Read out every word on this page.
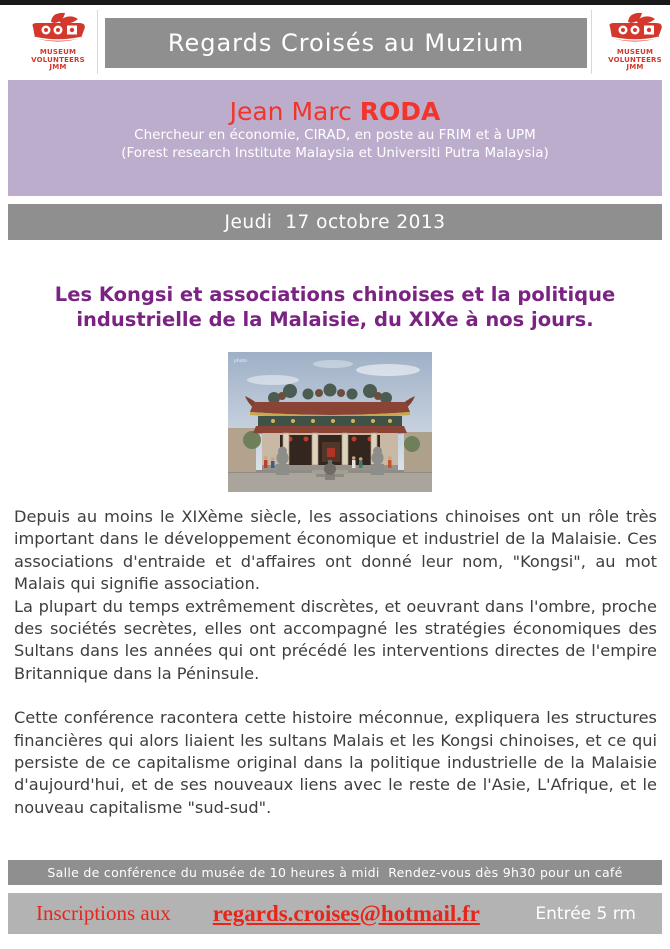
MUSEUM
VOLUNTEERS
JMM
Regards Croisés au Muzium	MUSEUM
VOLUNTEERS
JMM
Jean Marc RODA
Chercheur en économie, CIRAD, en poste au FRIM et à UPM
(Forest research Institute Malaysia et Universiti Putra Malaysia)
Jeudi  17 octobre 2013
Les Kongsi et associations chinoises et la politique
industrielle de la Malaisie, du XIXe à nos jours.
photo

Depuis au moins le XIXème siècle, les associations chinoises ont un rôle très important dans le développement économique et industriel de la Malaisie. Ces associations d'entraide et d'affaires ont donné leur nom, "Kongsi", au mot Malais qui signifie association.

La plupart du temps extrêmement discrètes, et oeuvrant dans l'ombre, proche des sociétés secrètes, elles ont accompagné les stratégies économiques des Sultans dans les années qui ont précédé les interventions directes de l'empire Britannique dans la Péninsule.

Cette conférence racontera cette histoire méconnue, expliquera les structures financières qui alors liaient les sultans Malais et les Kongsi chinoises, et ce qui persiste de ce capitalisme original dans la politique industrielle de la Malaisie d'aujourd'hui, et de ses nouveaux liens avec le reste de l'Asie, L'Afrique, et le nouveau capitalisme "sud-sud".

Salle de conférence du musée de 10 heures à midi  Rendez-vous dès 9h30 pour un café
Inscriptions aux regards.croises@hotmail.fr	Entrée 5 rm
